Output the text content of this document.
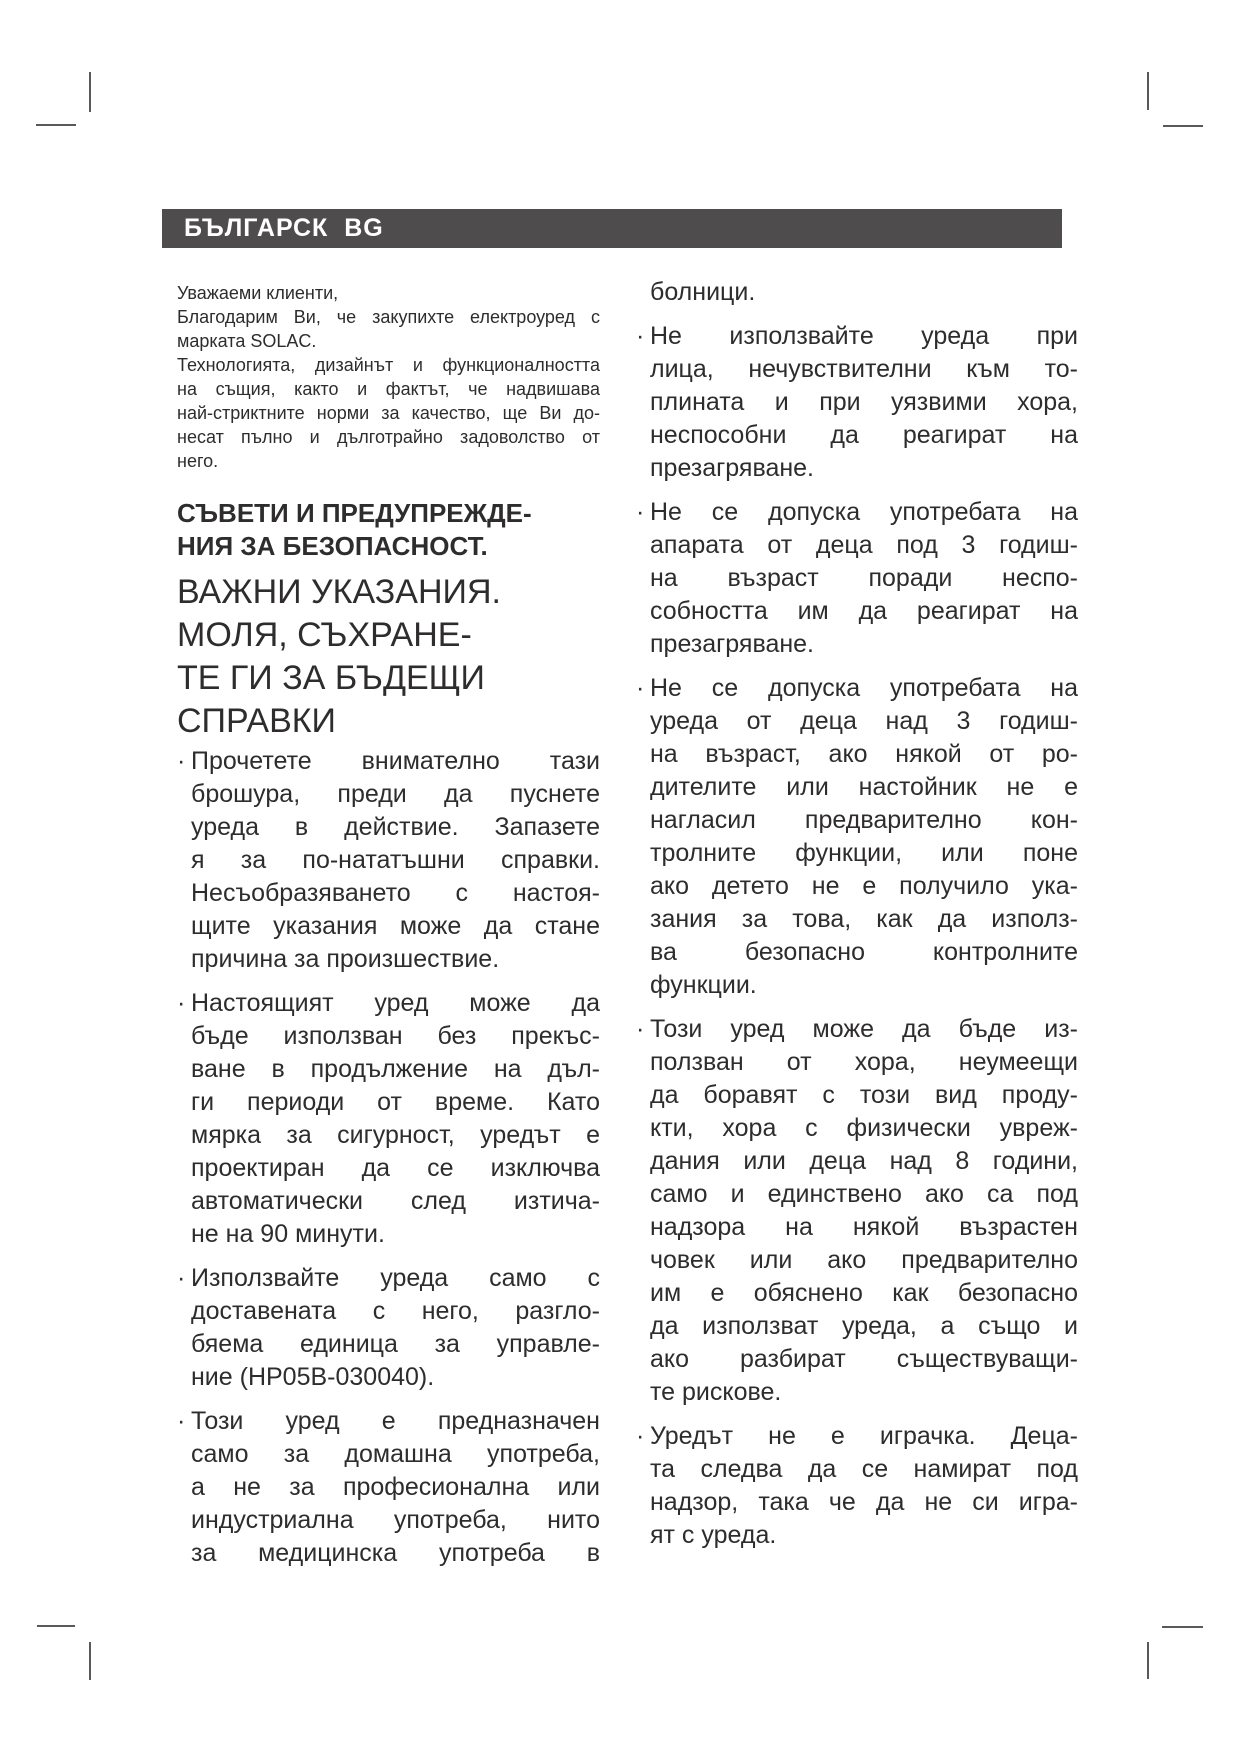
БЪЛГАРСК  BG

Уважаеми клиенти,

Благодарим Ви, че закупихте електроуред с
марката SOLAC.

Технологията, дизайнът и функционалността
на същия, както и фактът, че надвишава
най-стриктните норми за качество, ще Ви до-
несат пълно и дълготрайно задоволство от
него.

СЪВЕТИ И ПРЕДУПРЕЖДЕ-
НИЯ ЗА БЕЗОПАСНОСТ.
ВАЖНИ УКАЗАНИЯ.
МОЛЯ, СЪХРАНЕ-
ТЕ ГИ ЗА БЪДЕЩИ
СПРАВКИ
· Прочетете внимателно тази
брошура, преди да пуснете
уреда в действие. Запазете
я за по-нататъшни справки.
Несъобразяването с настоя-
щите указания може да стане
причина за произшествие.
· Настоящият уред може да
бъде използван без прекъс-
ване в продължение на дъл-
ги периоди от време. Като
мярка за сигурност, уредът е
проектиран да се изключва
автоматически след изтича-
не на 90 минути.
· Използвайте уреда само с
доставената с него, разгло-
бяема единица за управле-
ние (HP05B-030040).
· Този уред е предназначен
само за домашна употреба,
а не за професионална или
индустриална употреба, нито
за медицинска употреба в

болници.

· Не използвайте уреда при
лица, нечувствителни към то-
плината и при уязвими хора,
неспособни да реагират на
презагряване.
· Не се допуска употребата на
апарата от деца под 3 годиш-
на възраст поради неспо-
собността им да реагират на
презагряване.
· Не се допуска употребата на
уреда от деца над 3 годиш-
на възраст, ако някой от ро-
дителите или настойник не е
нагласил предварително кон-
тролните функции, или поне
ако детето не е получило ука-
зания за това, как да използ-
ва безопасно контролните
функции.
· Този уред може да бъде из-
ползван от хора, неумеещи
да боравят с този вид проду-
кти, хора с физически увреж-
дания или деца над 8 години,
само и единствено ако са под
надзора на някой възрастен
човек или ако предварително
им е обяснено как безопасно
да използват уреда, а също и
ако разбират съществуващи-
те рискове.
· Уредът не е играчка. Деца-
та следва да се намират под
надзор, така че да не си игра-
ят с уреда.
